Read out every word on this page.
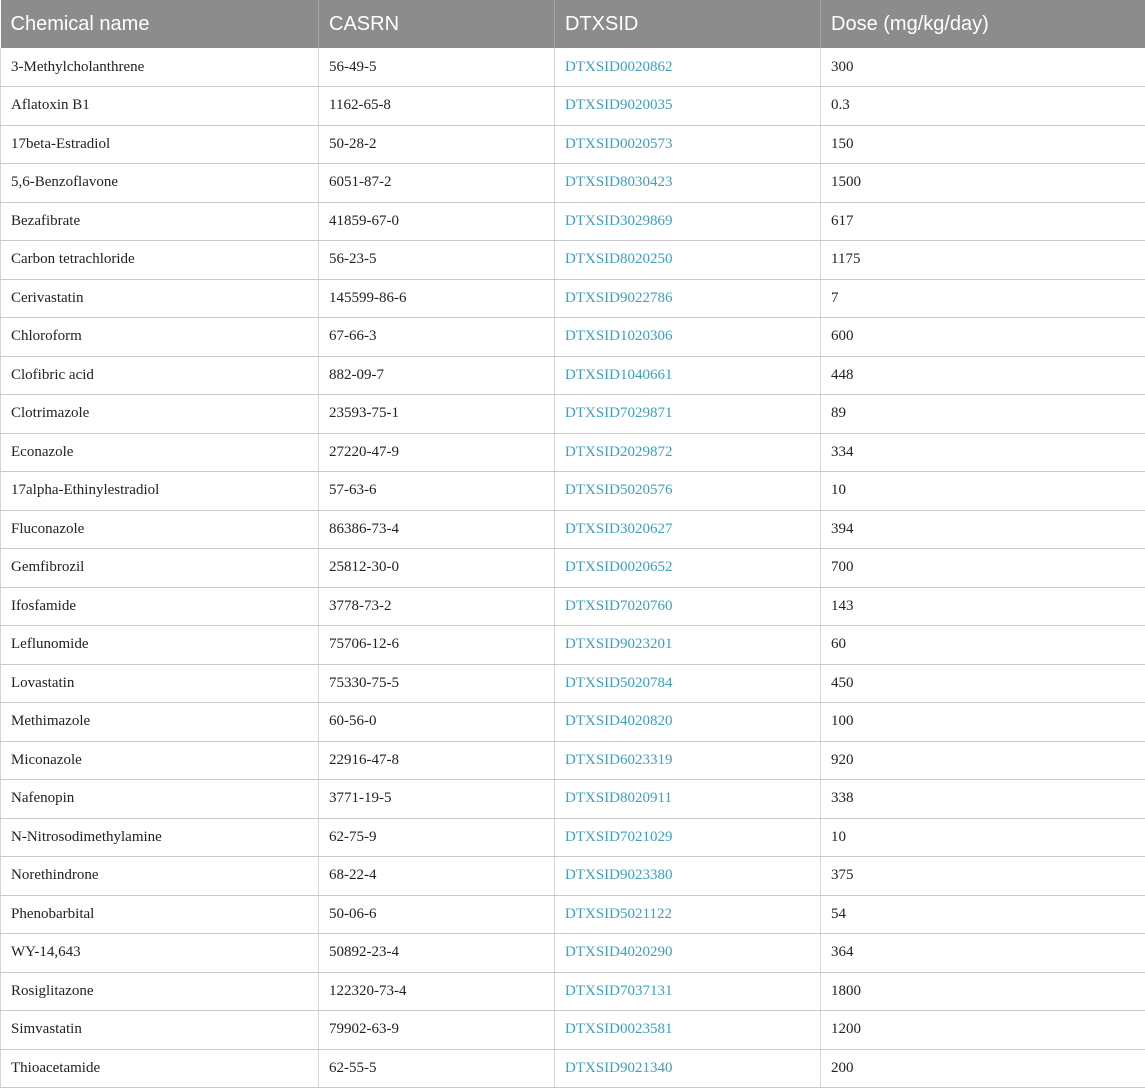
Chemical name	CASRN	DTXSID	Dose (mg/kg/day)
3-Methylcholanthrene	56-49-5	DTXSID0020862	300
Aflatoxin B1	1162-65-8	DTXSID9020035	0.3
17beta-Estradiol	50-28-2	DTXSID0020573	150
5,6-Benzoflavone	6051-87-2	DTXSID8030423	1500
Bezafibrate	41859-67-0	DTXSID3029869	617
Carbon tetrachloride	56-23-5	DTXSID8020250	1175
Cerivastatin	145599-86-6	DTXSID9022786	7
Chloroform	67-66-3	DTXSID1020306	600
Clofibric acid	882-09-7	DTXSID1040661	448
Clotrimazole	23593-75-1	DTXSID7029871	89
Econazole	27220-47-9	DTXSID2029872	334
17alpha-Ethinylestradiol	57-63-6	DTXSID5020576	10
Fluconazole	86386-73-4	DTXSID3020627	394
Gemfibrozil	25812-30-0	DTXSID0020652	700
Ifosfamide	3778-73-2	DTXSID7020760	143
Leflunomide	75706-12-6	DTXSID9023201	60
Lovastatin	75330-75-5	DTXSID5020784	450
Methimazole	60-56-0	DTXSID4020820	100
Miconazole	22916-47-8	DTXSID6023319	920
Nafenopin	3771-19-5	DTXSID8020911	338
N-Nitrosodimethylamine	62-75-9	DTXSID7021029	10
Norethindrone	68-22-4	DTXSID9023380	375
Phenobarbital	50-06-6	DTXSID5021122	54
WY-14,643	50892-23-4	DTXSID4020290	364
Rosiglitazone	122320-73-4	DTXSID7037131	1800
Simvastatin	79902-63-9	DTXSID0023581	1200
Thioacetamide	62-55-5	DTXSID9021340	200
